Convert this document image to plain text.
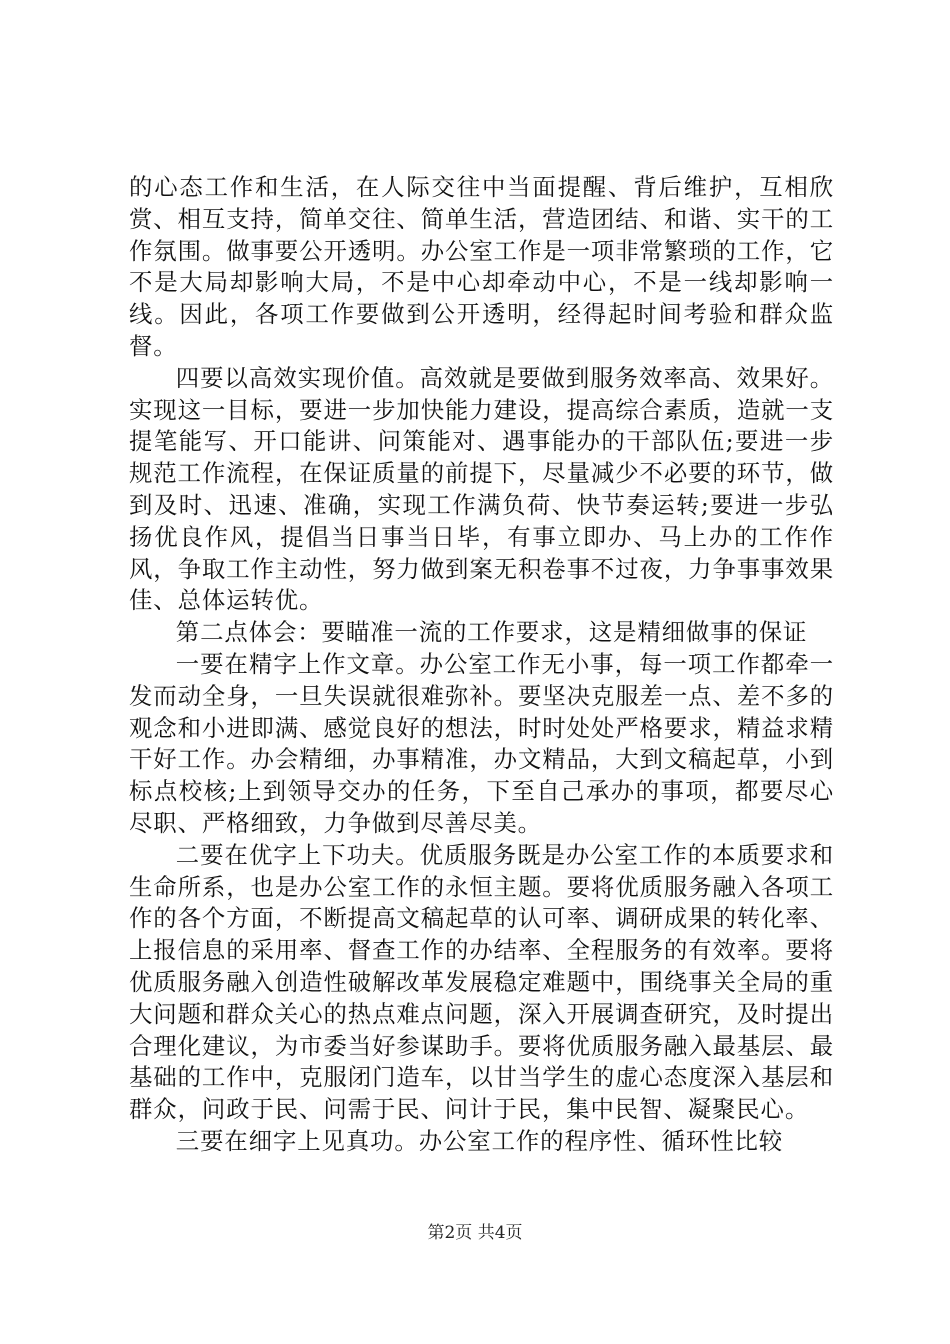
的心态工作和生活，在人际交往中当面提醒、背后维护，互相欣赏、相互支持，简单交往、简单生活，营造团结、和谐、实干的工作氛围。做事要公开透明。办公室工作是一项非常繁琐的工作，它不是大局却影响大局，不是中心却牵动中心，不是一线却影响一线。因此，各项工作要做到公开透明，经得起时间考验和群众监督。

四要以高效实现价值。高效就是要做到服务效率高、效果好。实现这一目标，要进一步加快能力建设，提高综合素质，造就一支提笔能写、开口能讲、问策能对、遇事能办的干部队伍;要进一步规范工作流程，在保证质量的前提下，尽量减少不必要的环节，做到及时、迅速、准确，实现工作满负荷、快节奏运转;要进一步弘扬优良作风，提倡当日事当日毕，有事立即办、马上办的工作作风，争取工作主动性，努力做到案无积卷事不过夜，力争事事效果佳、总体运转优。

第二点体会：要瞄准一流的工作要求，这是精细做事的保证

一要在精字上作文章。办公室工作无小事，每一项工作都牵一发而动全身，一旦失误就很难弥补。要坚决克服差一点、差不多的观念和小进即满、感觉良好的想法，时时处处严格要求，精益求精干好工作。办会精细，办事精准，办文精品，大到文稿起草，小到标点校核;上到领导交办的任务，下至自己承办的事项，都要尽心尽职、严格细致，力争做到尽善尽美。

二要在优字上下功夫。优质服务既是办公室工作的本质要求和生命所系，也是办公室工作的永恒主题。要将优质服务融入各项工作的各个方面，不断提高文稿起草的认可率、调研成果的转化率、上报信息的采用率、督查工作的办结率、全程服务的有效率。要将优质服务融入创造性破解改革发展稳定难题中，围绕事关全局的重大问题和群众关心的热点难点问题，深入开展调查研究，及时提出合理化建议，为市委当好参谋助手。要将优质服务融入最基层、最基础的工作中，克服闭门造车，以甘当学生的虚心态度深入基层和群众，问政于民、问需于民、问计于民，集中民智、凝聚民心。

三要在细字上见真功。办公室工作的程序性、循环性比较

第2页 共4页
